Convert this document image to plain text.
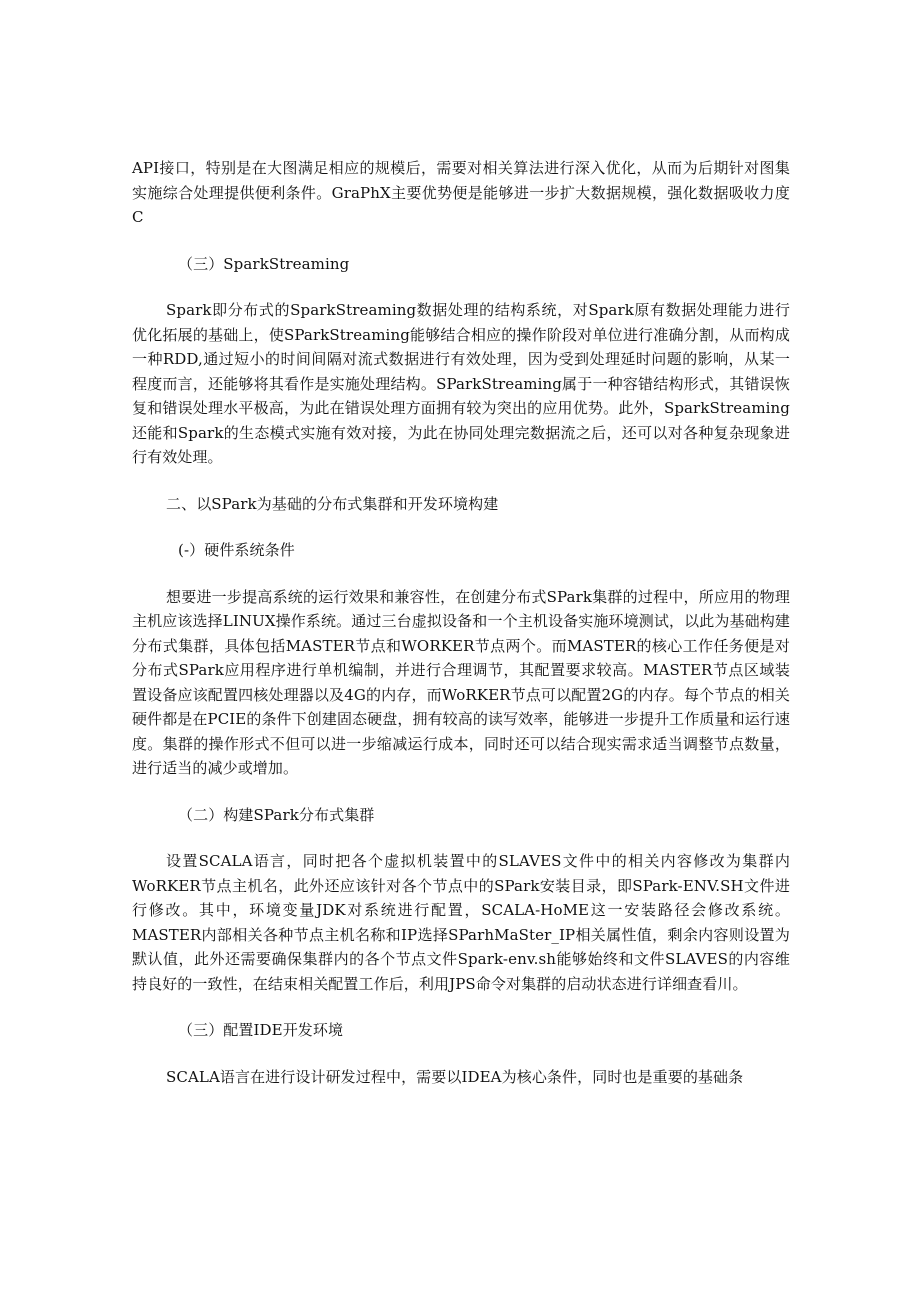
API接口，特别是在大图满足相应的规模后，需要对相关算法进行深入优化，从而为后期针对图集实施综合处理提供便利条件。GraPhX主要优势便是能够进一步扩大数据规模，强化数据吸收力度C

（三）SparkStreaming

Spark即分布式的SparkStreaming数据处理的结构系统，对Spark原有数据处理能力进行优化拓展的基础上，使SParkStreaming能够结合相应的操作阶段对单位进行准确分割，从而构成一种RDD,通过短小的时间间隔对流式数据进行有效处理，因为受到处理延时问题的影响，从某一程度而言，还能够将其看作是实施处理结构。SParkStreaming属于一种容错结构形式，其错误恢复和错误处理水平极高，为此在错误处理方面拥有较为突出的应用优势。此外，SparkStreaming还能和Spark的生态模式实施有效对接，为此在协同处理完数据流之后，还可以对各种复杂现象进行有效处理。

二、以SPark为基础的分布式集群和开发环境构建

(-）硬件系统条件

想要进一步提高系统的运行效果和兼容性，在创建分布式SPark集群的过程中，所应用的物理主机应该选择LINUX操作系统。通过三台虚拟设备和一个主机设备实施环境测试，以此为基础构建分布式集群，具体包括MASTER节点和WORKER节点两个。而MASTER的核心工作任务便是对分布式SPark应用程序进行单机编制，并进行合理调节，其配置要求较高。MASTER节点区域装置设备应该配置四核处理器以及4G的内存，而WoRKER节点可以配置2G的内存。每个节点的相关硬件都是在PCIE的条件下创建固态硬盘，拥有较高的读写效率，能够进一步提升工作质量和运行速度。集群的操作形式不但可以进一步缩减运行成本，同时还可以结合现实需求适当调整节点数量，进行适当的减少或增加。

（二）构建SPark分布式集群

设置SCALA语言，同时把各个虚拟机装置中的SLAVES文件中的相关内容修改为集群内WoRKER节点主机名，此外还应该针对各个节点中的SPark安装目录，即SPark-ENV.SH文件进行修改。其中，环境变量JDK对系统进行配置，SCALA-HoME这一安装路径会修改系统。MASTER内部相关各种节点主机名称和IP选择SParhMaSter_IP相关属性值，剩余内容则设置为默认值，此外还需要确保集群内的各个节点文件Spark-env.sh能够始终和文件SLAVES的内容维持良好的一致性，在结束相关配置工作后，利用JPS命令对集群的启动状态进行详细查看川。

（三）配置IDE开发环境

SCALA语言在进行设计研发过程中，需要以IDEA为核心条件，同时也是重要的基础条
